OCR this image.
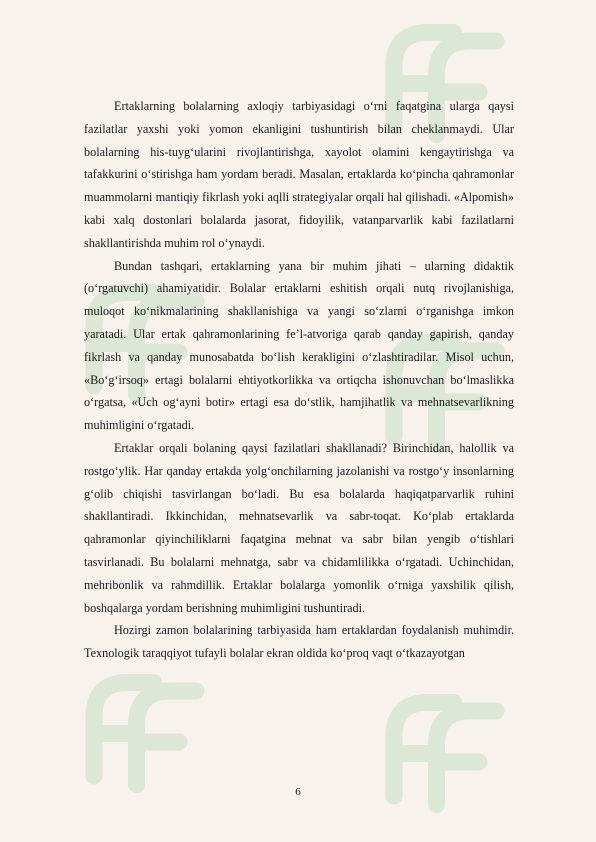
Ertaklarning bolalarning axloqiy tarbiyasidagi o‘rni faqatgina ularga qaysi fazilatlar yaxshi yoki yomon ekanligini tushuntirish bilan cheklanmaydi. Ular bolalarning his-tuyg‘ularini rivojlantirishga, xayolot olamini kengaytirishga va tafakkurini o‘stirishga ham yordam beradi. Masalan, ertaklarda ko‘pincha qahramonlar muammolarni mantiqiy fikrlash yoki aqlli strategiyalar orqali hal qilishadi. «Alpomish» kabi xalq dostonlari bolalarda jasorat, fidoyilik, vatanparvarlik kabi fazilatlarni shakllantirishda muhim rol o‘ynaydi.

Bundan tashqari, ertaklarning yana bir muhim jihati – ularning didaktik (o‘rgatuvchi) ahamiyatidir. Bolalar ertaklarni eshitish orqali nutq rivojlanishiga, muloqot ko‘nikmalarining shakllanishiga va yangi so‘zlarni o‘rganishga imkon yaratadi. Ular ertak qahramonlarining fe’l-atvoriga qarab qanday gapirish, qanday fikrlash va qanday munosabatda bo‘lish kerakligini o‘zlashtiradilar. Misol uchun, «Bo‘g‘irsoq» ertagi bolalarni ehtiyotkorlikka va ortiqcha ishonuvchan bo‘lmaslikka o‘rgatsa, «Uch og‘ayni botir» ertagi esa do‘stlik, hamjihatlik va mehnatsevarlikning muhimligini o‘rgatadi.

Ertaklar orqali bolaning qaysi fazilatlari shakllanadi? Birinchidan, halollik va rostgo‘ylik. Har qanday ertakda yolg‘onchilarning jazolanishi va rostgo‘y insonlarning g‘olib chiqishi tasvirlangan bo‘ladi. Bu esa bolalarda haqiqatparvarlik ruhini shakllantiradi. Ikkinchidan, mehnatsevarlik va sabr-toqat. Ko‘plab ertaklarda qahramonlar qiyinchiliklarni faqatgina mehnat va sabr bilan yengib o‘tishlari tasvirlanadi. Bu bolalarni mehnatga, sabr va chidamlilikka o‘rgatadi. Uchinchidan, mehribonlik va rahmdillik. Ertaklar bolalarga yomonlik o‘rniga yaxshilik qilish, boshqalarga yordam berishning muhimligini tushuntiradi.

Hozirgi zamon bolalarining tarbiyasida ham ertaklardan foydalanish muhimdir. Texnologik taraqqiyot tufayli bolalar ekran oldida ko‘proq vaqt o‘tkazayotgan

6
